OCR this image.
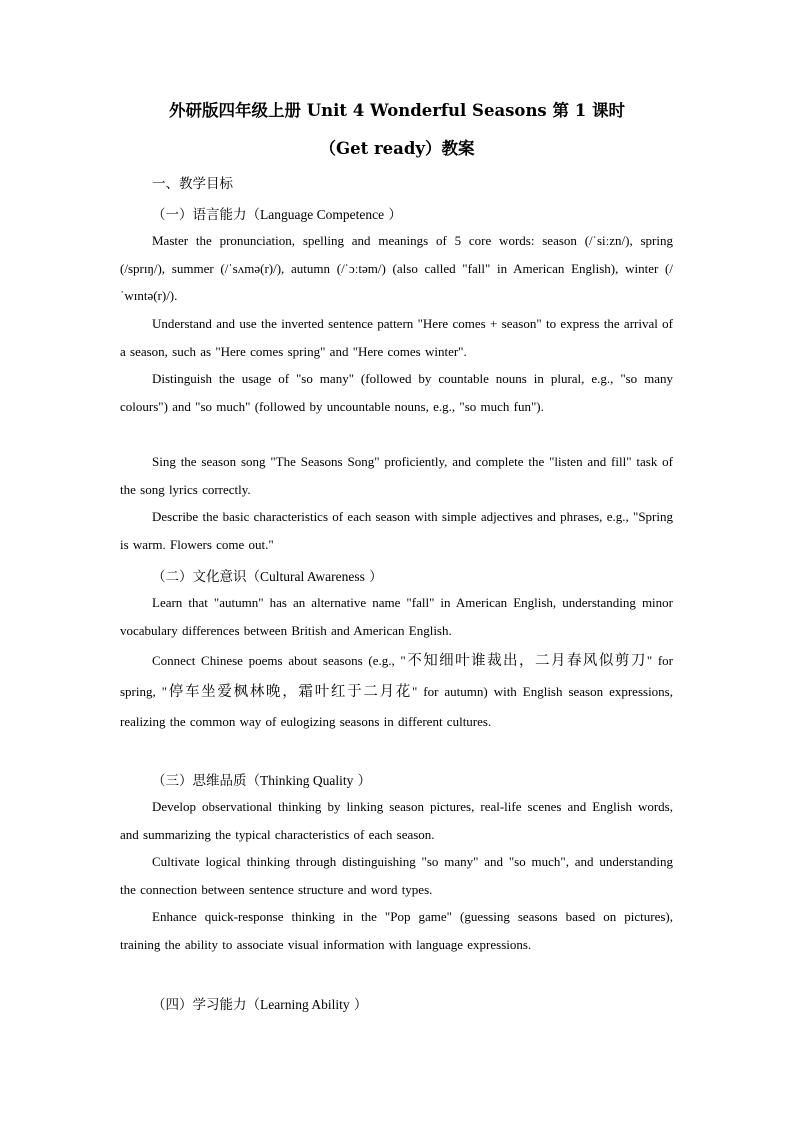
外研版四年级上册 Unit 4 Wonderful Seasons 第 1 课时
（Get ready）教案
一、教学目标
（一）语言能力（Language Competence ）

Master the pronunciation, spelling and meanings of 5 core words: season (/ˈsiːzn/), spring (/sprɪŋ/), summer (/ˈsʌmə(r)/), autumn (/ˈɔːtəm/) (also called "fall" in American English), winter (/ˈwɪntə(r)/).

Understand and use the inverted sentence pattern "Here comes + season" to express the arrival of a season, such as "Here comes spring" and "Here comes winter".

Distinguish the usage of "so many" (followed by countable nouns in plural, e.g., "so many colours") and "so much" (followed by uncountable nouns, e.g., "so much fun").

Sing the season song "The Seasons Song" proficiently, and complete the "listen and fill" task of the song lyrics correctly.

Describe the basic characteristics of each season with simple adjectives and phrases, e.g., "Spring is warm. Flowers come out."

（二）文化意识（Cultural Awareness ）

Learn that "autumn" has an alternative name "fall" in American English, understanding minor vocabulary differences between British and American English.

Connect Chinese poems about seasons (e.g., "不知细叶谁裁出，二月春风似剪刀" for spring, "停车坐爱枫林晚，霜叶红于二月花" for autumn) with English season expressions, realizing the common way of eulogizing seasons in different cultures.

（三）思维品质（Thinking Quality ）

Develop observational thinking by linking season pictures, real-life scenes and English words, and summarizing the typical characteristics of each season.

Cultivate logical thinking through distinguishing "so many" and "so much", and understanding the connection between sentence structure and word types.

Enhance quick-response thinking in the "Pop game" (guessing seasons based on pictures), training the ability to associate visual information with language expressions.

（四）学习能力（Learning Ability ）
